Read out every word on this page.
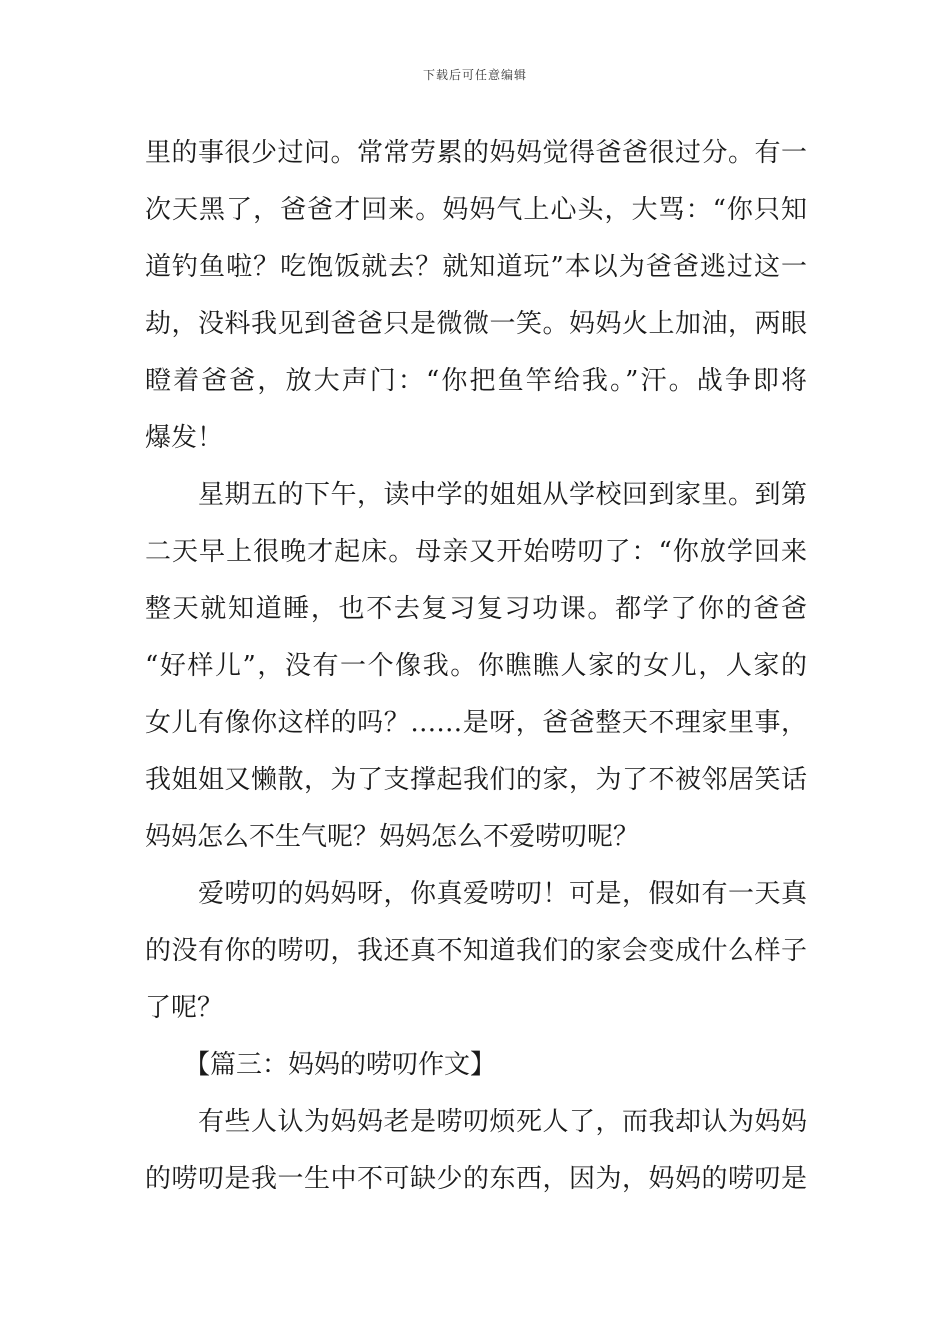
下载后可任意编辑
里的事很少过问。常常劳累的妈妈觉得爸爸很过分。有一
次天黑了，爸爸才回来。妈妈气上心头，大骂：“你只知
道钓鱼啦？吃饱饭就去？就知道玩”本以为爸爸逃过这一
劫，没料我见到爸爸只是微微一笑。妈妈火上加油，两眼
瞪着爸爸，放大声门：“你把鱼竿给我。”汗。战争即将
爆发！
　　星期五的下午，读中学的姐姐从学校回到家里。到第
二天早上很晚才起床。母亲又开始唠叨了：“你放学回来
整天就知道睡，也不去复习复习功课。都学了你的爸爸
“好样儿”，没有一个像我。你瞧瞧人家的女儿，人家的
女儿有像你这样的吗？……是呀，爸爸整天不理家里事，
我姐姐又懒散，为了支撑起我们的家，为了不被邻居笑话
妈妈怎么不生气呢？妈妈怎么不爱唠叨呢？
　　爱唠叨的妈妈呀，你真爱唠叨！可是，假如有一天真
的没有你的唠叨，我还真不知道我们的家会变成什么样子
了呢？
　　【篇三：妈妈的唠叨作文】
　　有些人认为妈妈老是唠叨烦死人了，而我却认为妈妈
的唠叨是我一生中不可缺少的东西，因为，妈妈的唠叨是
